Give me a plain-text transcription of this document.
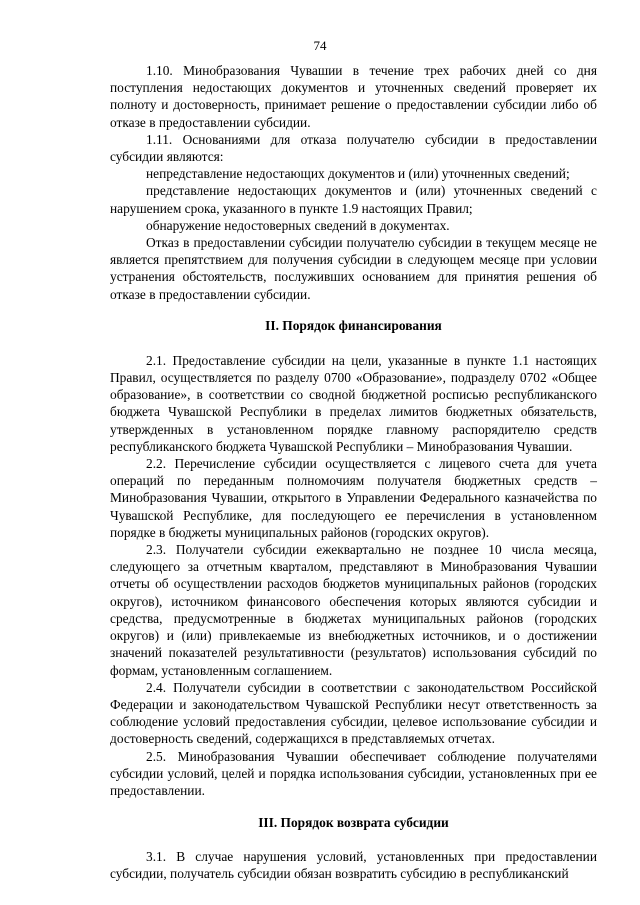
74

1.10. Минобразования Чувашии в течение трех рабочих дней со дня поступления недостающих документов и уточненных сведений проверяет их полноту и достоверность, принимает решение о предоставлении субсидии либо об отказе в предоставлении субсидии.

1.11. Основаниями для отказа получателю субсидии в предоставлении субсидии являются:

непредставление недостающих документов и (или) уточненных сведений;

представление недостающих документов и (или) уточненных сведений с нарушением срока, указанного в пункте 1.9 настоящих Правил;

обнаружение недостоверных сведений в документах.

Отказ в предоставлении субсидии получателю субсидии в текущем месяце не является препятствием для получения субсидии в следующем месяце при условии устранения обстоятельств, послуживших основанием для принятия решения об отказе в предоставлении субсидии.

II. Порядок финансирования

2.1. Предоставление субсидии на цели, указанные в пункте 1.1 настоящих Правил, осуществляется по разделу 0700 «Образование», подразделу 0702 «Общее образование», в соответствии со сводной бюджетной росписью республиканского бюджета Чувашской Республики в пределах лимитов бюджетных обязательств, утвержденных в установленном порядке главному распорядителю средств республиканского бюджета Чувашской Республики – Минобразования Чувашии.

2.2. Перечисление субсидии осуществляется с лицевого счета для учета операций по переданным полномочиям получателя бюджетных средств – Минобразования Чувашии, открытого в Управлении Федерального казначейства по Чувашской Республике, для последующего ее перечисления в установленном порядке в бюджеты муниципальных районов (городских округов).

2.3. Получатели субсидии ежеквартально не позднее 10 числа месяца, следующего за отчетным кварталом, представляют в Минобразования Чувашии отчеты об осуществлении расходов бюджетов муниципальных районов (городских округов), источником финансового обеспечения которых являются субсидии и средства, предусмотренные в бюджетах муниципальных районов (городских округов) и (или) привлекаемые из внебюджетных источников, и о достижении значений показателей результативности (результатов) использования субсидий по формам, установленным соглашением.

2.4. Получатели субсидии в соответствии с законодательством Российской Федерации и законодательством Чувашской Республики несут ответственность за соблюдение условий предоставления субсидии, целевое использование субсидии и достоверность сведений, содержащихся в представляемых отчетах.

2.5. Минобразования Чувашии обеспечивает соблюдение получателями субсидии условий, целей и порядка использования субсидии, установленных при ее предоставлении.

III. Порядок возврата субсидии

3.1. В случае нарушения условий, установленных при предоставлении субсидии, получатель субсидии обязан возвратить субсидию в республиканский
